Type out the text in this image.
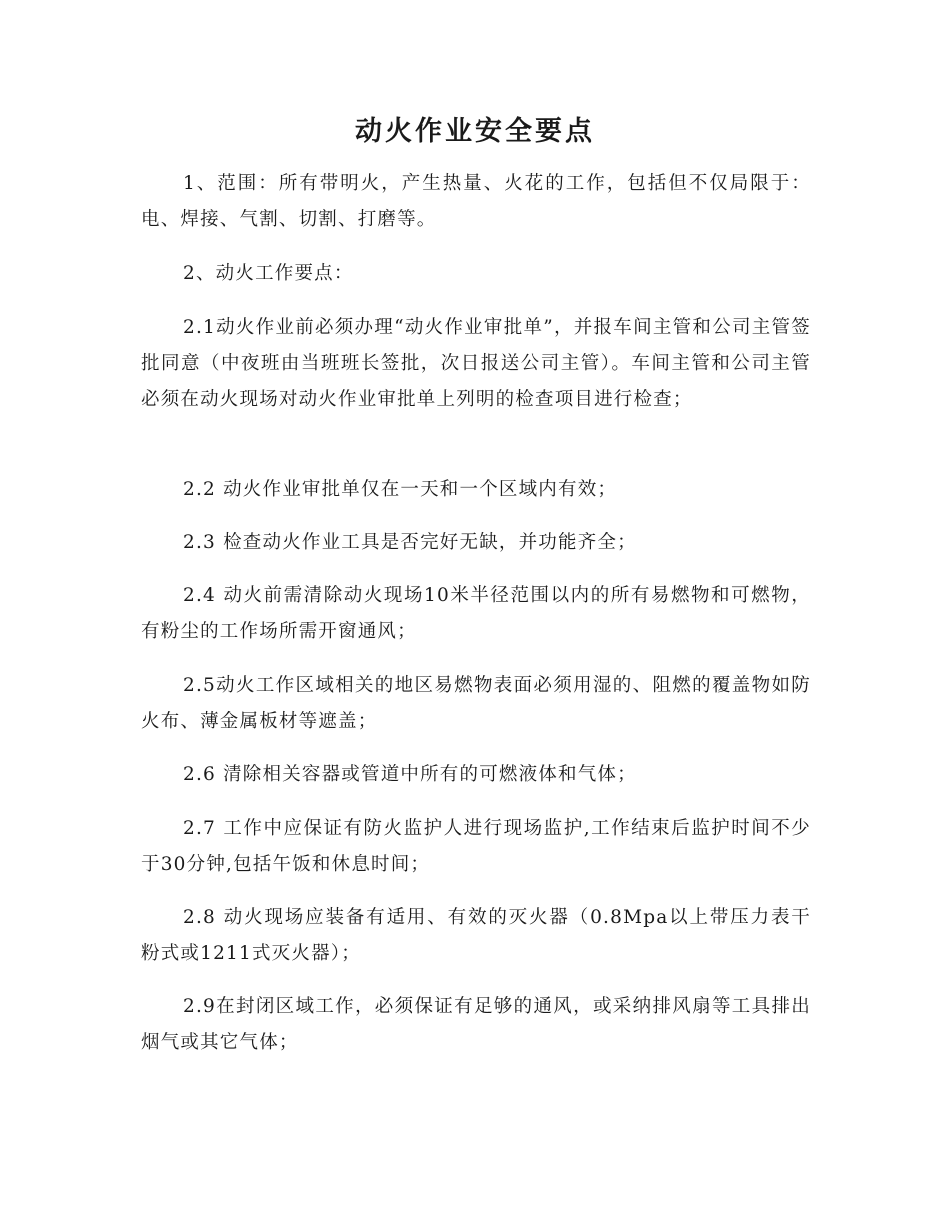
动火作业安全要点

1、范围：所有带明火，产生热量、火花的工作，包括但不仅局限于：电、焊接、气割、切割、打磨等。

2、动火工作要点：

2.1动火作业前必须办理“动火作业审批单”，并报车间主管和公司主管签批同意（中夜班由当班班长签批，次日报送公司主管）。车间主管和公司主管必须在动火现场对动火作业审批单上列明的检查项目进行检查；

2.2 动火作业审批单仅在一天和一个区域内有效；

2.3 检查动火作业工具是否完好无缺，并功能齐全；

2.4 动火前需清除动火现场10米半径范围以内的所有易燃物和可燃物，有粉尘的工作场所需开窗通风；

2.5动火工作区域相关的地区易燃物表面必须用湿的、阻燃的覆盖物如防火布、薄金属板材等遮盖；

2.6 清除相关容器或管道中所有的可燃液体和气体；

2.7 工作中应保证有防火监护人进行现场监护,工作结束后监护时间不少于30分钟,包括午饭和休息时间；

2.8 动火现场应装备有适用、有效的灭火器（0.8Mpa以上带压力表干粉式或1211式灭火器）；

2.9在封闭区域工作，必须保证有足够的通风，或采纳排风扇等工具排出烟气或其它气体；
